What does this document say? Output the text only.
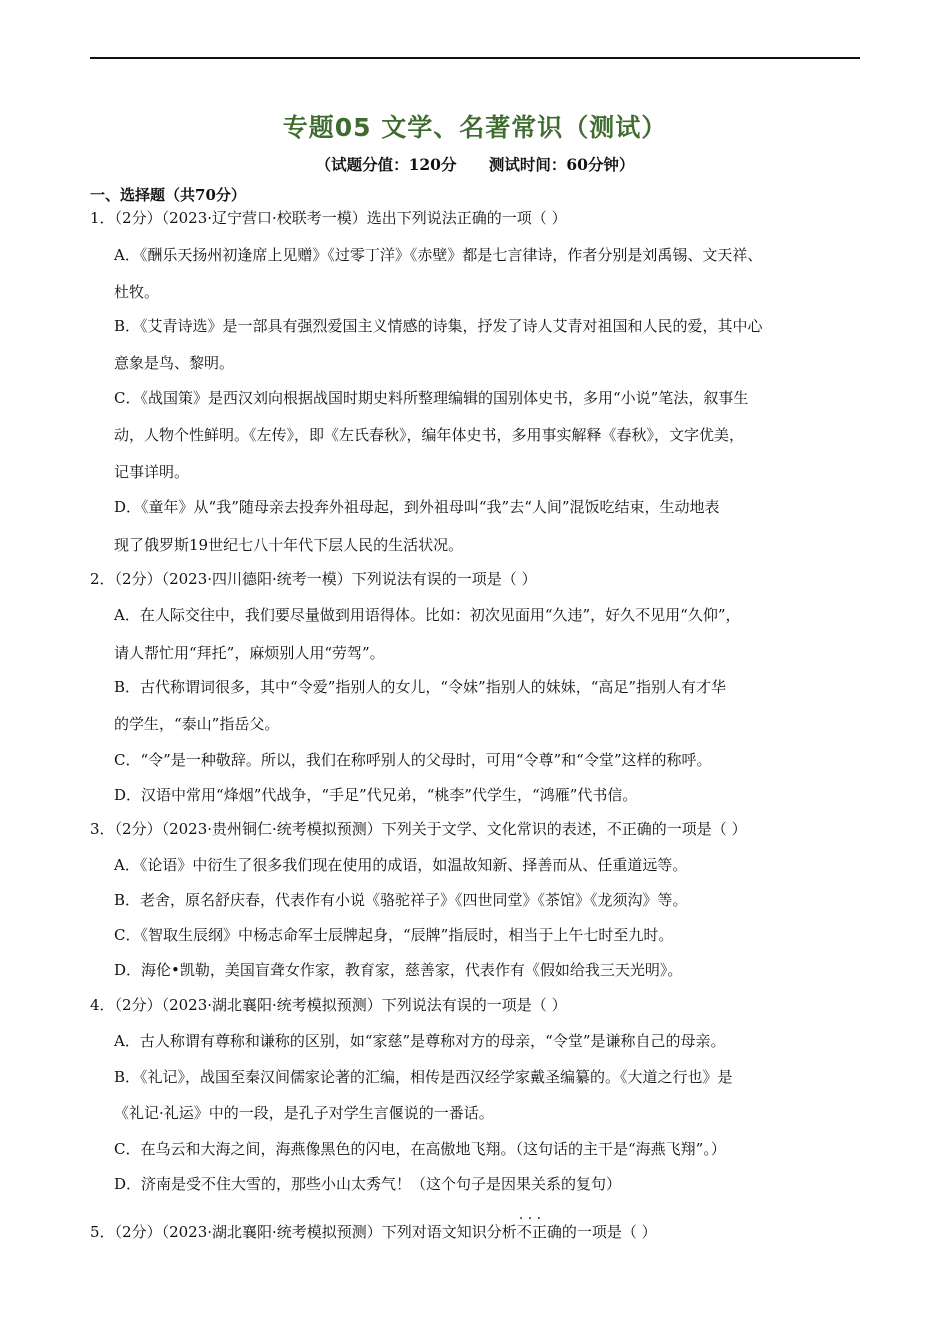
专题05 文学、名著常识（测试）
（试题分值：120分      测试时间：60分钟）
一、选择题（共70分）
1．（2分）（2023·辽宁营口·校联考一模）选出下列说法正确的一项（ ）
A．《酬乐天扬州初逢席上见赠》《过零丁洋》《赤壁》都是七言律诗，作者分别是刘禹锡、文天祥、
杜牧。
B．《艾青诗选》是一部具有强烈爱国主义情感的诗集，抒发了诗人艾青对祖国和人民的爱，其中心
意象是鸟、黎明。
C．《战国策》是西汉刘向根据战国时期史料所整理编辑的国别体史书，多用“小说”笔法，叙事生
动，人物个性鲜明。《左传》，即《左氏春秋》，编年体史书，多用事实解释《春秋》，文字优美，
记事详明。
D．《童年》从“我”随母亲去投奔外祖母起，到外祖母叫“我”去“人间”混饭吃结束，生动地表
现了俄罗斯19世纪七八十年代下层人民的生活状况。
2．（2分）（2023·四川德阳·统考一模）下列说法有误的一项是（ ）
A．在人际交往中，我们要尽量做到用语得体。比如：初次见面用“久违”，好久不见用“久仰”，
请人帮忙用“拜托”，麻烦别人用“劳驾”。
B．古代称谓词很多，其中“令爱”指别人的女儿，“令妹”指别人的妹妹，“高足”指别人有才华
的学生，“泰山”指岳父。
C．“令”是一种敬辞。所以，我们在称呼别人的父母时，可用“令尊”和“令堂”这样的称呼。
D．汉语中常用“烽烟”代战争，“手足”代兄弟，“桃李”代学生，“鸿雁”代书信。
3．（2分）（2023·贵州铜仁·统考模拟预测）下列关于文学、文化常识的表述，不正确的一项是（ ）
A．《论语》中衍生了很多我们现在使用的成语，如温故知新、择善而从、任重道远等。
B．老舍，原名舒庆春，代表作有小说《骆驼祥子》《四世同堂》《茶馆》《龙须沟》等。
C．《智取生辰纲》中杨志命军士辰牌起身，“辰牌”指辰时，相当于上午七时至九时。
D．海伦•凯勒，美国盲聋女作家，教育家，慈善家，代表作有《假如给我三天光明》。
4．（2分）（2023·湖北襄阳·统考模拟预测）下列说法有误的一项是（ ）
A．古人称谓有尊称和谦称的区别，如“家慈”是尊称对方的母亲，“令堂”是谦称自己的母亲。
B．《礼记》，战国至秦汉间儒家论著的汇编，相传是西汉经学家戴圣编纂的。《大道之行也》是
《礼记·礼运》中的一段，是孔子对学生言偃说的一番话。
C．在乌云和大海之间，海燕像黑色的闪电，在高傲地飞翔。（这句话的主干是“海燕飞翔”。）
D．济南是受不住大雪的，那些小山太秀气！（这个句子是因果关系的复句）
5．（2分）（2023·湖北襄阳·统考模拟预测）下列对语文知识分析不正确 · · ·的一项是（ ）
